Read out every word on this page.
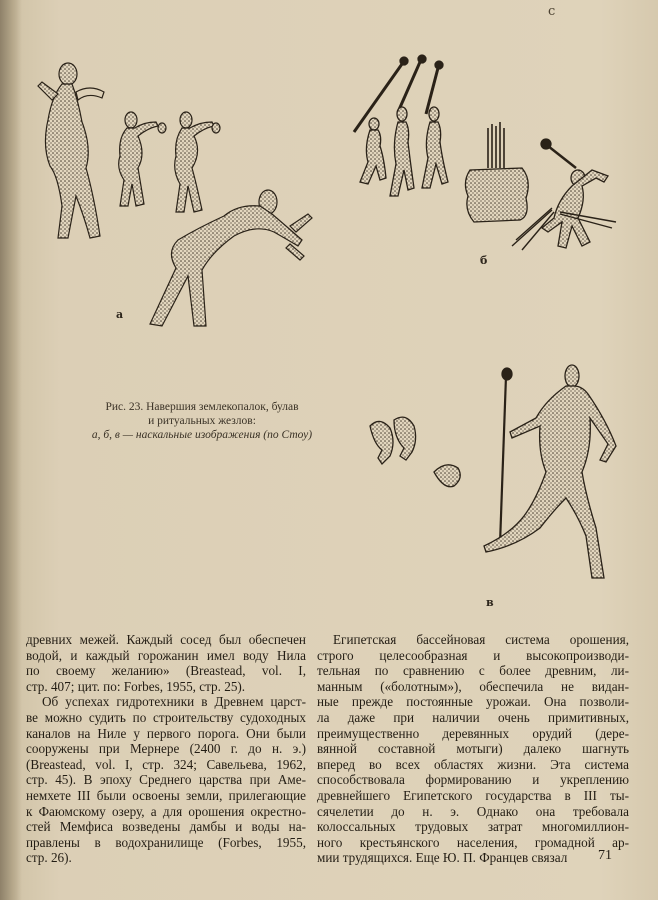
с
а
б
Рис. 23. Навершия землекопалок, булав
и ритуальных жезлов:
а, б, в — наскальные изображения (по Стоу)
в
древних межей. Каждый сосед был обеспечен
водой, и каждый горожанин имел воду Нила
по своему желанию» (Breastead, vol. I,
стр. 407; цит. по: Forbes, 1955, стр. 25).
Об успехах гидротехники в Древнем царст-
ве можно судить по строительству судоходных
каналов на Ниле у первого порога. Они были
сооружены при Мернере (2400 г. до н. э.)
(Breastead, vol. I, стр. 324; Савельева, 1962,
стр. 45). В эпоху Среднего царства при Аме-
немхете III были освоены земли, прилегающие
к Фаюмскому озеру, а для орошения окрестно-
стей Мемфиса возведены дамбы и воды на-
правлены в водохранилище (Forbes, 1955,
стр. 26).
Египетская бассейновая система орошения,
строго целесообразная и высокопроизводи-
тельная по сравнению с более древним, ли-
манным («болотным»), обеспечила не видан-
ные прежде постоянные урожаи. Она позволи-
ла даже при наличии очень примитивных,
преимущественно деревянных орудий (дере-
вянной составной мотыги) далеко шагнуть
вперед во всех областях жизни. Эта система
способствовала формированию и укреплению
древнейшего Египетского государства в III ты-
сячелетии до н. э. Однако она требовала
колоссальных трудовых затрат многомиллион-
ного крестьянского населения, громадной ар-
мии трудящихся. Еще Ю. П. Францев связал	71
